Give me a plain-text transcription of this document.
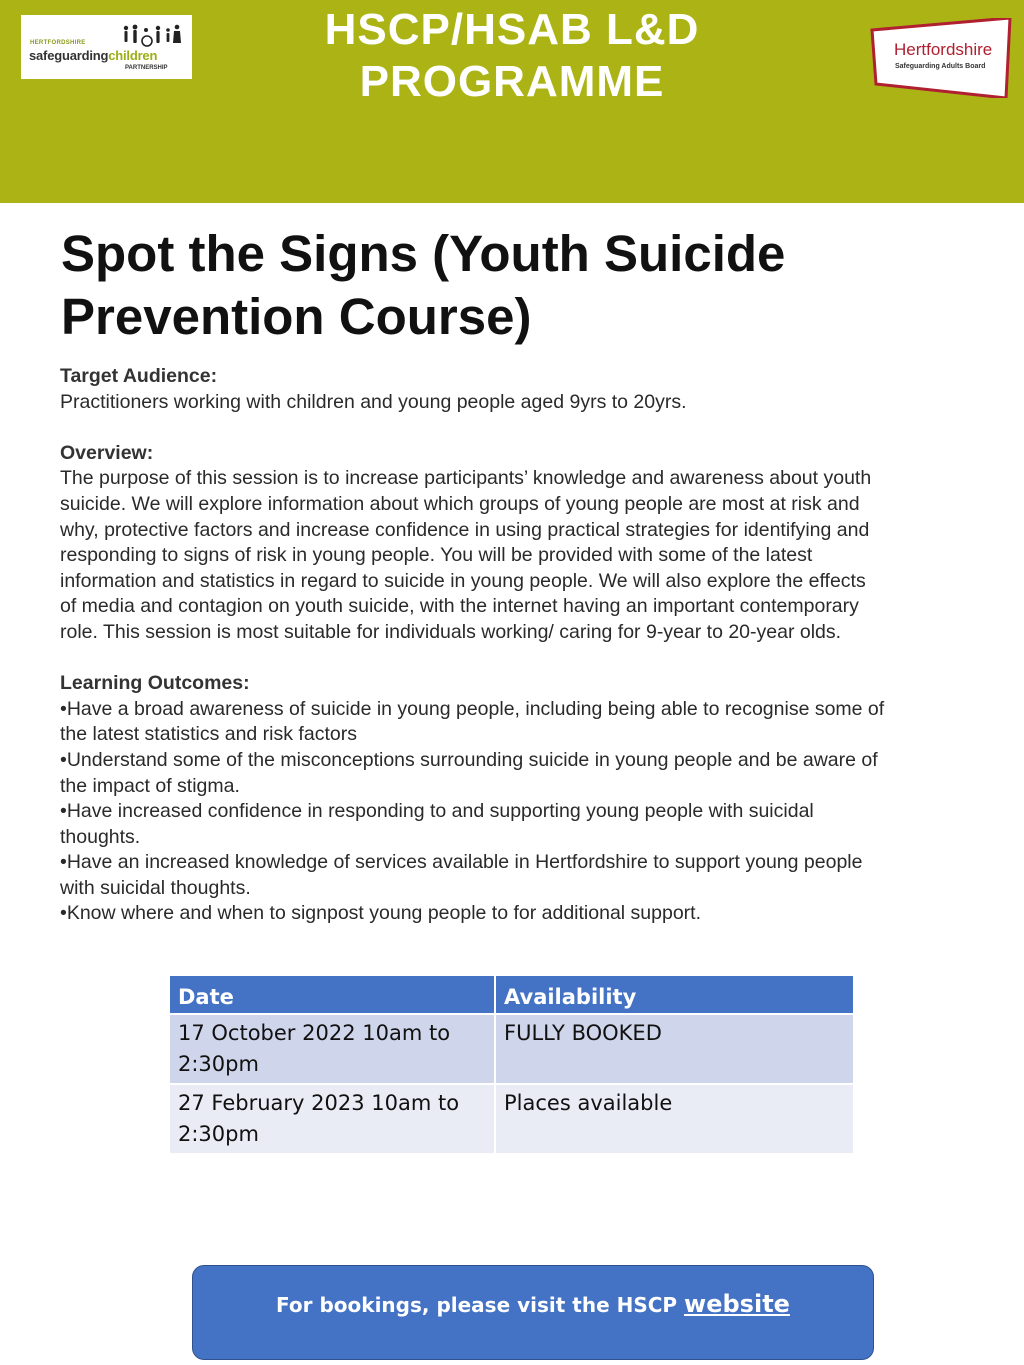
HERTFORDSHIRE
safeguardingchildren
PARTNERSHIP
HSCP/HSAB L&D
PROGRAMME
Hertfordshire
Safeguarding Adults Board
Spot the Signs (Youth Suicide
Prevention Course)

Target Audience:

Practitioners working with children and young people aged 9yrs to 20yrs.

Overview:

The purpose of this session is to increase participants’ knowledge and awareness about youth

suicide. We will explore information about which groups of young people are most at risk and

why, protective factors and increase confidence in using practical strategies for identifying and

responding to signs of risk in young people. You will be provided with some of the latest

information and statistics in regard to suicide in young people. We will also explore the effects

of media and contagion on youth suicide, with the internet having an important contemporary

role. This session is most suitable for individuals working/ caring for 9-year to 20-year olds.

Learning Outcomes:

•Have a broad awareness of suicide in young people, including being able to recognise some of

the latest statistics and risk factors

•Understand some of the misconceptions surrounding suicide in young people and be aware of

the impact of stigma.

•Have increased confidence in responding to and supporting young people with suicidal

thoughts.

•Have an increased knowledge of services available in Hertfordshire to support young people

with suicidal thoughts.

•Know where and when to signpost young people to for additional support.

Date	Availability

17 October 2022 10am to
2:30pm	FULLY BOOKED

27 February 2023 10am to
2:30pm	Places available
For bookings, please visit the HSCP website
